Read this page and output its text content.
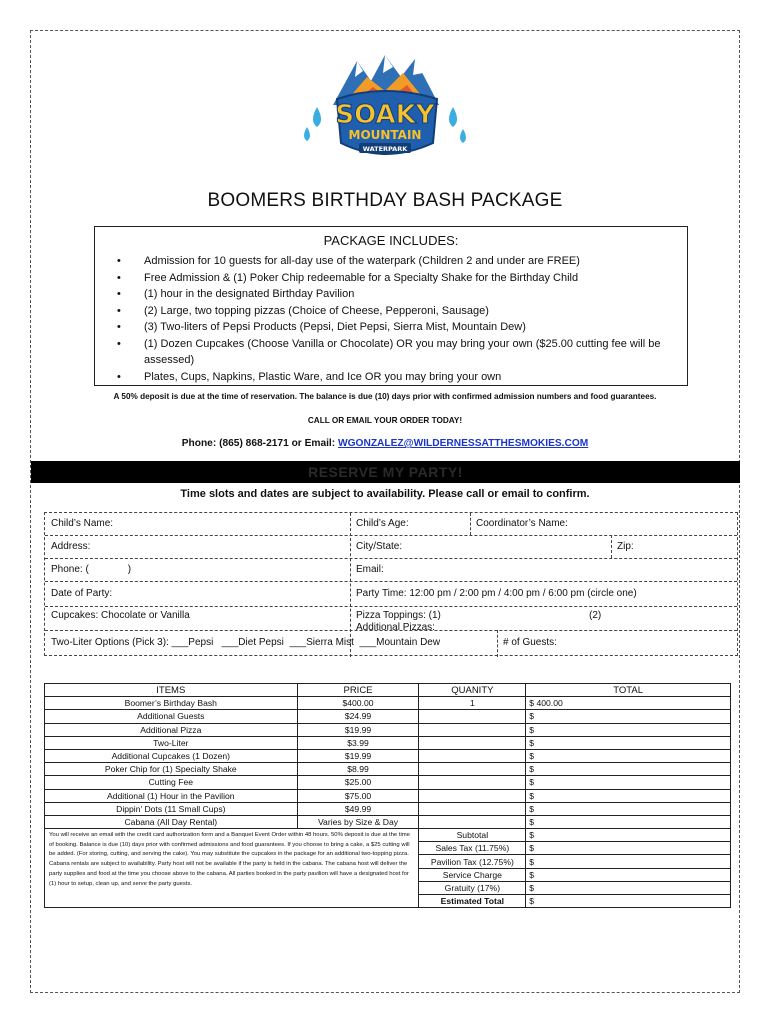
SOAKY
MOUNTAIN
WATERPARK
BOOMERS BIRTHDAY BASH PACKAGE
PACKAGE INCLUDES:
• Admission for 10 guests for all-day use of the waterpark (Children 2 and under are FREE)
• Free Admission & (1) Poker Chip redeemable for a Specialty Shake for the Birthday Child
• (1) hour in the designated Birthday Pavilion
• (2) Large, two topping pizzas (Choice of Cheese, Pepperoni, Sausage)
• (3) Two-liters of Pepsi Products (Pepsi, Diet Pepsi, Sierra Mist, Mountain Dew)
• (1) Dozen Cupcakes (Choose Vanilla or Chocolate) OR you may bring your own ($25.00 cutting fee will be assessed)
• Plates, Cups, Napkins, Plastic Ware, and Ice OR you may bring your own
A 50% deposit is due at the time of reservation. The balance is due (10) days prior with confirmed admission numbers and food guarantees.
CALL OR EMAIL YOUR ORDER TODAY!
Phone: (865) 868-2171 or Email: WGONZALEZ@WILDERNESSATTHESMOKIES.COM
RESERVE MY PARTY!
Time slots and dates are subject to availability. Please call or email to confirm.
Child’s Name:	Child’s Age:	Coordinator’s Name:
Address:	City/State:	Zip:
Phone: (              )	Email:
Date of Party:	Party Time: 12:00 pm / 2:00 pm / 4:00 pm / 6:00 pm (circle one)
Cupcakes: Chocolate or Vanilla	Pizza Toppings: (1)	(2)
Additional Pizzas:
Two-Liter Options (Pick 3): ___Pepsi   ___Diet Pepsi  ___Sierra Mist  ___Mountain Dew	# of Guests:
ITEMS	PRICE	QUANITY	TOTAL
Boomer’s Birthday Bash	$400.00	1	$ 400.00
Additional Guests	$24.99		$
Additional Pizza	$19.99		$
Two-Liter	$3.99		$
Additional Cupcakes (1 Dozen)	$19.99		$
Poker Chip for (1) Specialty Shake	$8.99		$
Cutting Fee	$25.00		$
Additional (1) Hour in the Pavilion	$75.00		$
Dippin’ Dots (11 Small Cups)	$49.99		$
Cabana (All Day Rental)	Varies by Size & Day		$
You will receive an email with the credit card authorization form and a Banquet Event Order within 48 hours. 50% deposit is due at the time of booking. Balance is due (10) days prior with confirmed admissions and food guarantees. If you choose to bring a cake, a $25 cutting will be added. (For storing, cutting, and serving the cake). You may substitute the cupcakes in the package for an additional two-topping pizza. Cabana rentals are subject to availability. Party host will not be available if the party is held in the cabana. The cabana host will deliver the party supplies and food at the time you choose above to the cabana. All parties booked in the party pavilion will have a designated host for (1) hour to setup, clean up, and serve the party guests.		Subtotal	$
		Sales Tax (11.75%)	$
		Pavilion Tax (12.75%)	$
		Service Charge	$
		Gratuity (17%)	$
		Estimated Total	$
